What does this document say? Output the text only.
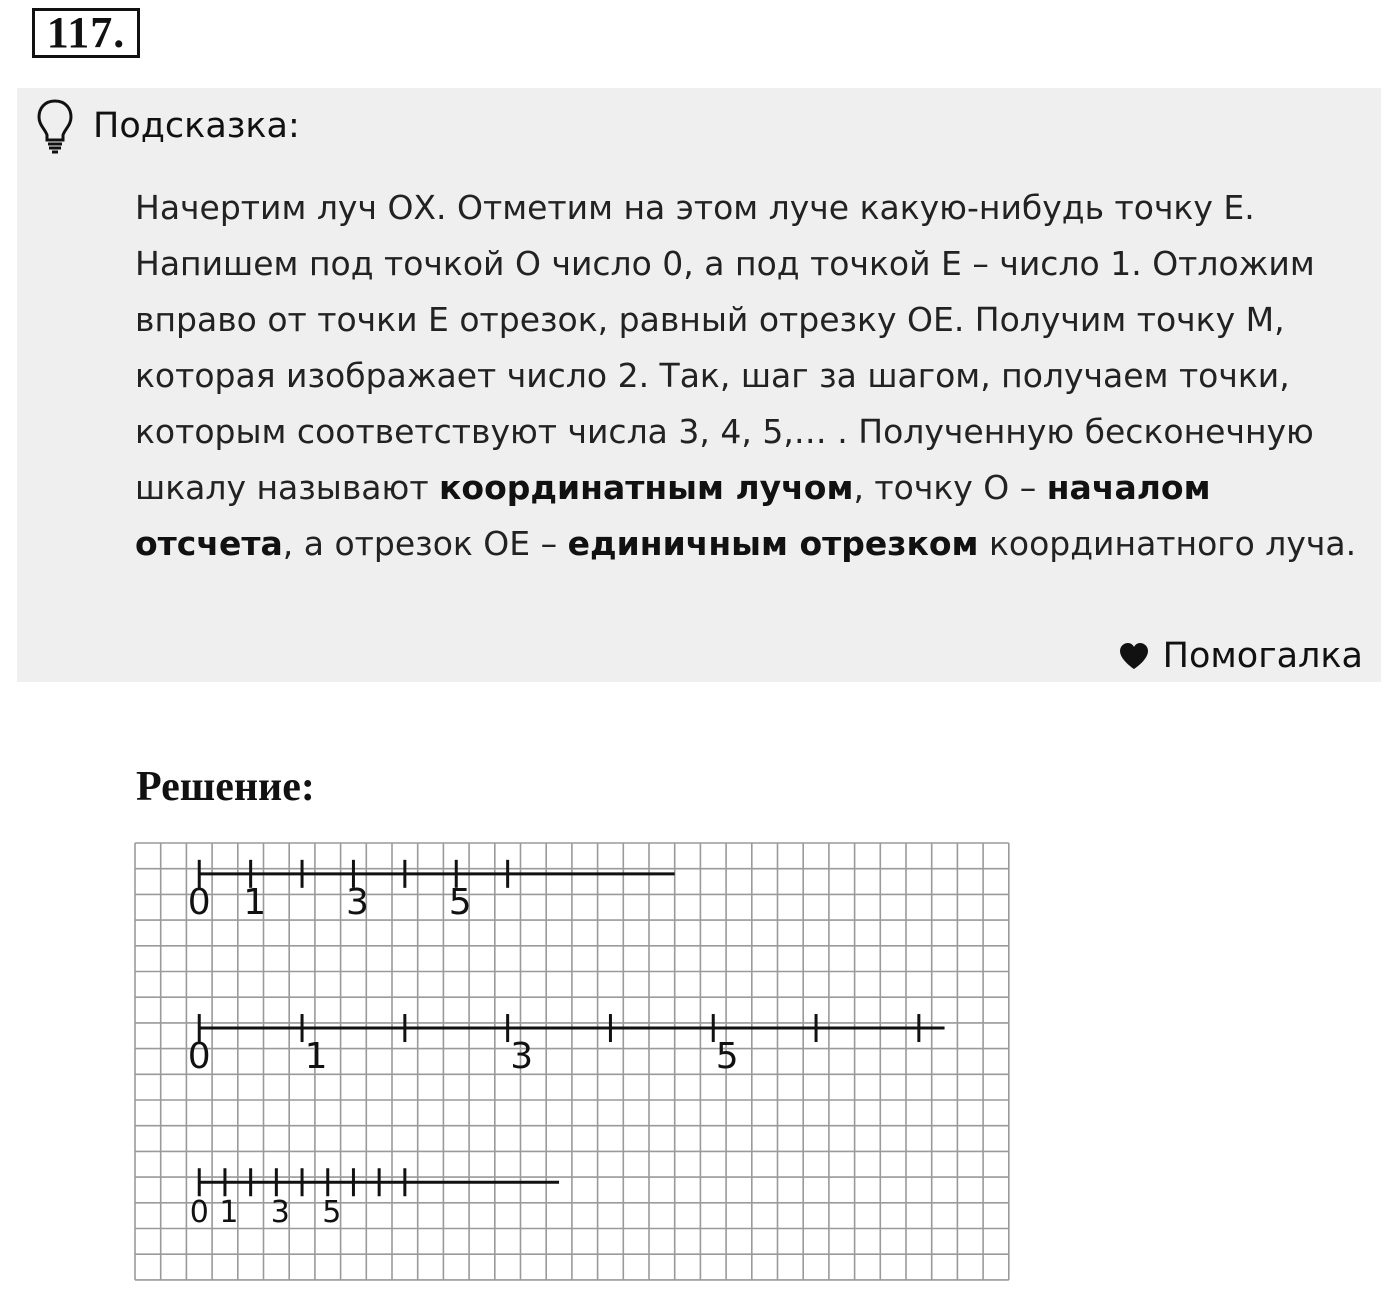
117.
Подсказка:

Начертим луч ОХ. Отметим на этом луче какую-нибудь точку Е. Напишем под точкой О число 0, а под точкой Е – число 1. Отложим вправо от точки Е отрезок, равный отрезку ОЕ. Получим точку М, которая изображает число 2. Так, шаг за шагом, получаем точки, которым соответствуют числа 3, 4, 5,… . Полученную бесконечную шкалу называют координатным лучом, точку О – началом отсчета, а отрезок ОЕ – единичным отрезком координатного луча.

Помогалка
Решение:
0 1 3 5
0	1	3	5
0 1 3 5
